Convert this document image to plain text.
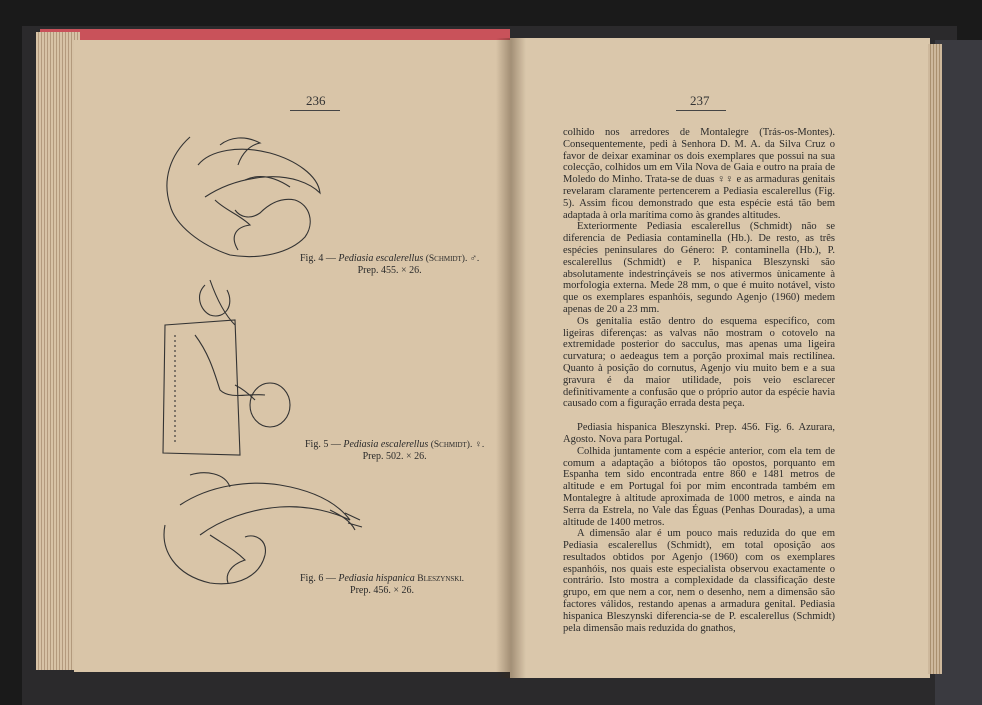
236
Fig. 4 — Pediasia escalerellus (Schmidt). ♂.
Prep. 455. × 26.
Fig. 5 — Pediasia escalerellus (Schmidt). ♀.
Prep. 502. × 26.
Fig. 6 — Pediasia hispanica Bleszynski.
Prep. 456. × 26.
237

colhido nos arredores de Montalegre (Trás-os-Montes). Consequentemente, pedi à Senhora D. M. A. da Silva Cruz o favor de deixar examinar os dois exemplares que possui na sua colecção, colhidos um em Vila Nova de Gaia e outro na praia de Moledo do Minho. Trata-se de duas ♀♀ e as armaduras genitais revelaram claramente pertencerem a Pediasia escalerellus (Fig. 5). Assim ficou demonstrado que esta espécie está tão bem adaptada à orla marítima como às grandes altitudes.

Exteriormente Pediasia escalerellus (Schmidt) não se diferencia de Pediasia contaminella (Hb.). De resto, as três espécies peninsulares do Género: P. contaminella (Hb.), P. escalerellus (Schmidt) e P. hispanica Bleszynski são absolutamente indestrinçáveis se nos ativermos ùnicamente à morfologia externa. Mede 28 mm, o que é muito notável, visto que os exemplares espanhóis, segundo Agenjo (1960) medem apenas de 20 a 23 mm.

Os genitalia estão dentro do esquema específico, com ligeiras diferenças: as valvas não mostram o cotovelo na extremidade posterior do sacculus, mas apenas uma ligeira curvatura; o aedeagus tem a porção proximal mais rectilínea. Quanto à posição do cornutus, Agenjo viu muito bem e a sua gravura é da maior utilidade, pois veio esclarecer definitivamente a confusão que o próprio autor da espécie havia causado com a figuração errada desta peça.

Pediasia hispanica Bleszynski. Prep. 456. Fig. 6. Azurara, Agosto. Nova para Portugal.

Colhida juntamente com a espécie anterior, com ela tem de comum a adaptação a biótopos tão opostos, porquanto em Espanha tem sido encontrada entre 860 e 1481 metros de altitude e em Portugal foi por mim encontrada também em Montalegre à altitude aproximada de 1000 metros, e ainda na Serra da Estrela, no Vale das Éguas (Penhas Douradas), a uma altitude de 1400 metros.

A dimensão alar é um pouco mais reduzida do que em Pediasia escalerellus (Schmidt), em total oposição aos resultados obtidos por Agenjo (1960) com os exemplares espanhóis, nos quais este especialista observou exactamente o contrário. Isto mostra a complexidade da classificação deste grupo, em que nem a cor, nem o desenho, nem a dimensão são factores válidos, restando apenas a armadura genital. Pediasia hispanica Bleszynski diferencia-se de P. escalerellus (Schmidt) pela dimensão mais reduzida do gnathos,
